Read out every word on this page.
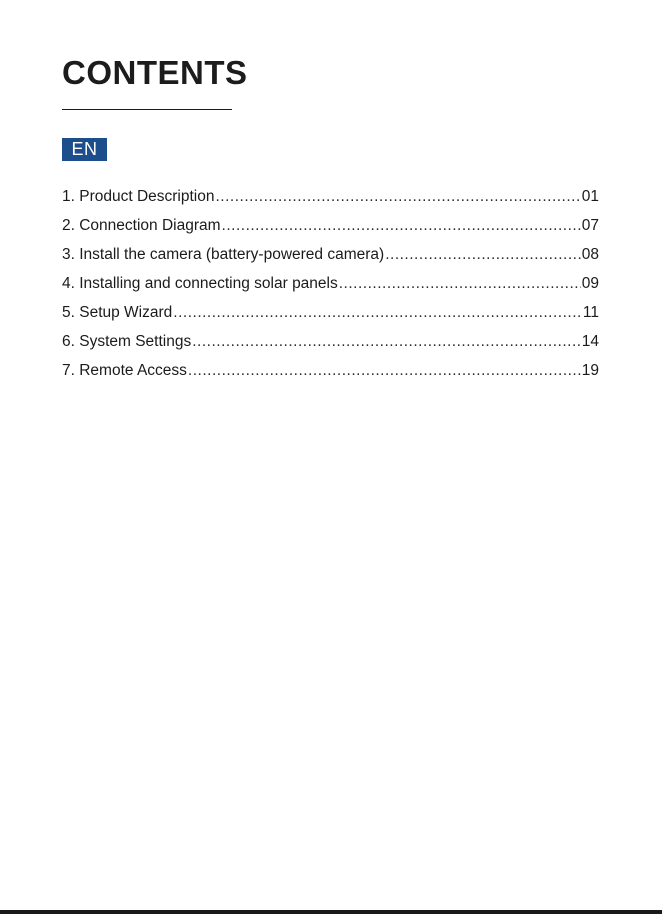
CONTENTS
EN
1. Product Description .....	01
2. Connection Diagram .....	07
3. Install the camera (battery-powered camera) .....	08
4. Installing and connecting solar panels .....	09
5. Setup Wizard .....	11
6. System Settings .....	14
7. Remote Access .....	19
